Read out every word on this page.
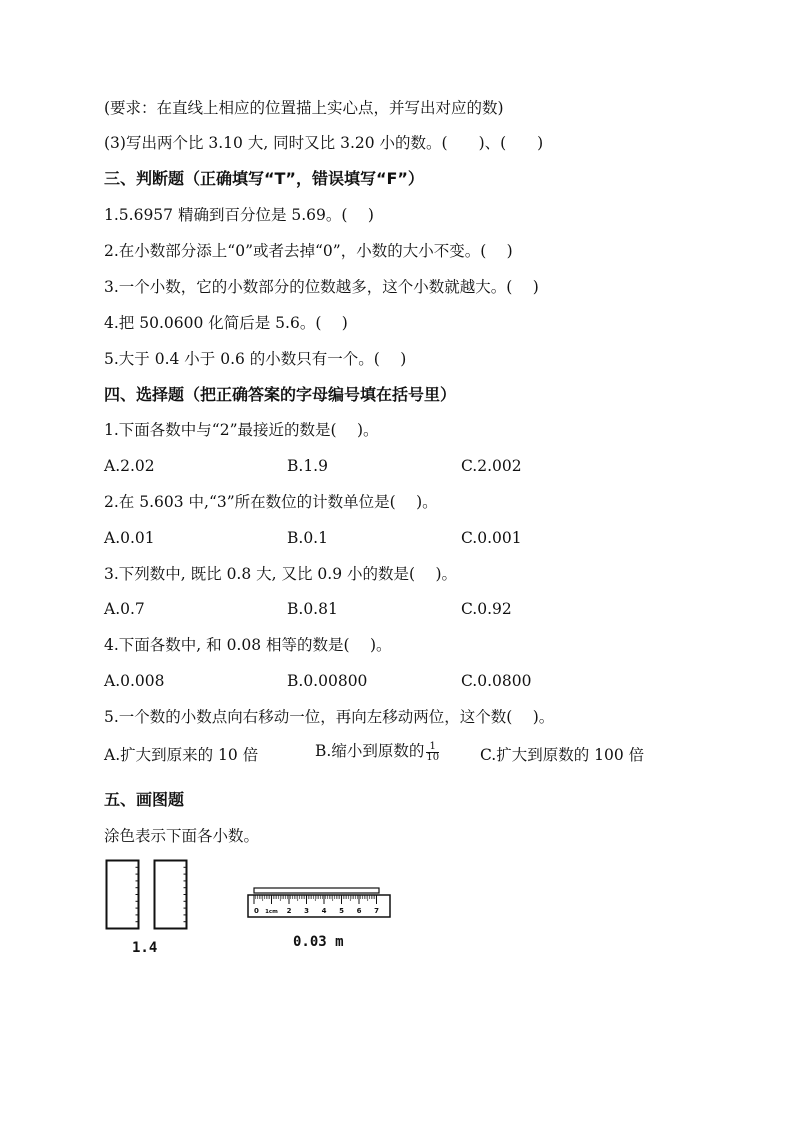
(要求：在直线上相应的位置描上实心点，并写出对应的数)
(3)写出两个比 3.10 大, 同时又比 3.20 小的数。(　　)、(　　)
三、判断题（正确填写“T”，错误填写“F”）
1.5.6957 精确到百分位是 5.69。(　 )
2.在小数部分添上“0”或者去掉“0”，小数的大小不变。(　 )
3.一个小数，它的小数部分的位数越多，这个小数就越大。(　 )
4.把 50.0600 化简后是 5.6。(　 )
5.大于 0.4 小于 0.6 的小数只有一个。(　 )
四、选择题（把正确答案的字母编号填在括号里）
1.下面各数中与“2”最接近的数是(　 )。
A.2.02	B.1.9	C.2.002
2.在 5.603 中,“3”所在数位的计数单位是(　 )。
A.0.01	B.0.1	C.0.001
3.下列数中, 既比 0.8 大, 又比 0.9 小的数是(　 )。
A.0.7	B.0.81	C.0.92
4.下面各数中, 和 0.08 相等的数是(　 )。
A.0.008	B.0.00800	C.0.0800
5.一个数的小数点向右移动一位，再向左移动两位，这个数(　 )。
A.扩大到原来的 10 倍	B.缩小到原数的 $\frac{1}{10}$	C.扩大到原数的 100 倍
五、画图题
涂色表示下面各小数。
1.4
0 1cm 2 3 4 5 6 7
0.03 m
